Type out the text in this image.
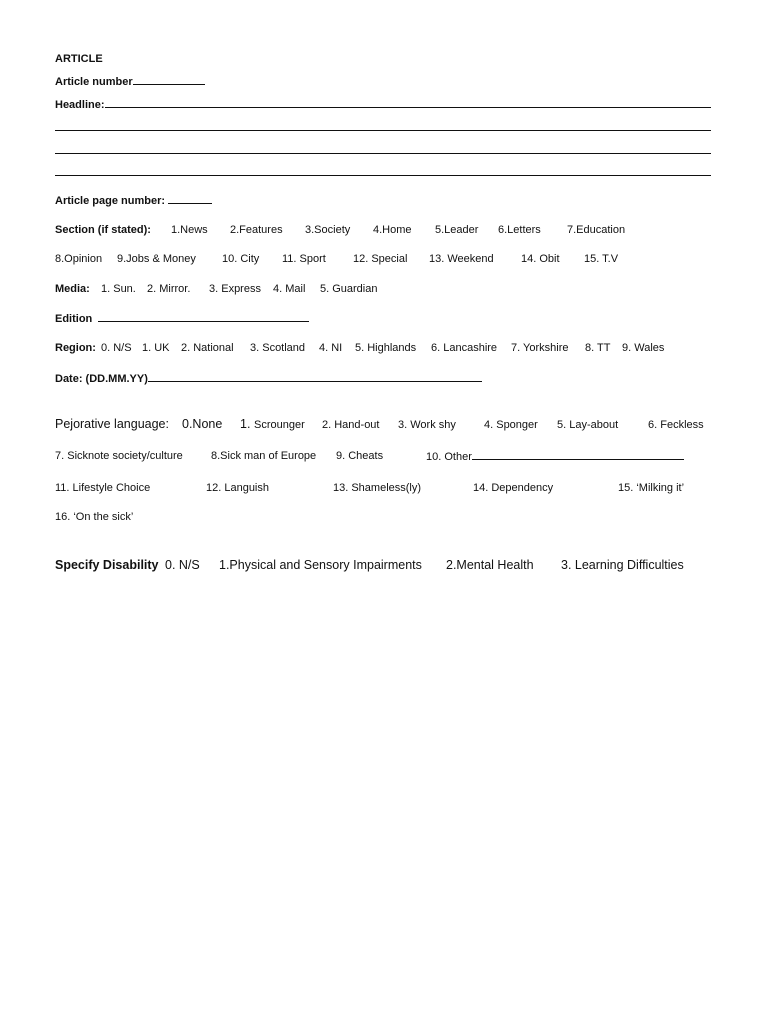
ARTICLE
Article number
Headline:
Article page number:
Section (if stated): 1.News 2.Features 3.Society 4.Home 5.Leader 6.Letters 7.Education
8.Opinion 9.Jobs & Money 10. City 11. Sport 12. Special 13. Weekend 14. Obit 15. T.V
Media: 1. Sun. 2. Mirror. 3. Express 4. Mail 5. Guardian
Edition
Region: 0. N/S 1. UK 2. National 3. Scotland 4. NI 5. Highlands 6. Lancashire 7. Yorkshire 8. TT 9. Wales
Date: (DD.MM.YY)
Pejorative language: 0.None 1. Scrounger 2. Hand-out 3. Work shy	4. Sponger 5. Lay-about	6. Feckless
7. Sicknote society/culture	8.Sick man of Europe 9. Cheats	10. Other
11. Lifestyle Choice	12. Languish	13. Shameless(ly)	14. Dependency	15. ‘Milking it’
16. ‘On the sick’
Specify Disability 0. N/S 1.Physical and Sensory Impairments 2.Mental Health 3. Learning Difficulties
